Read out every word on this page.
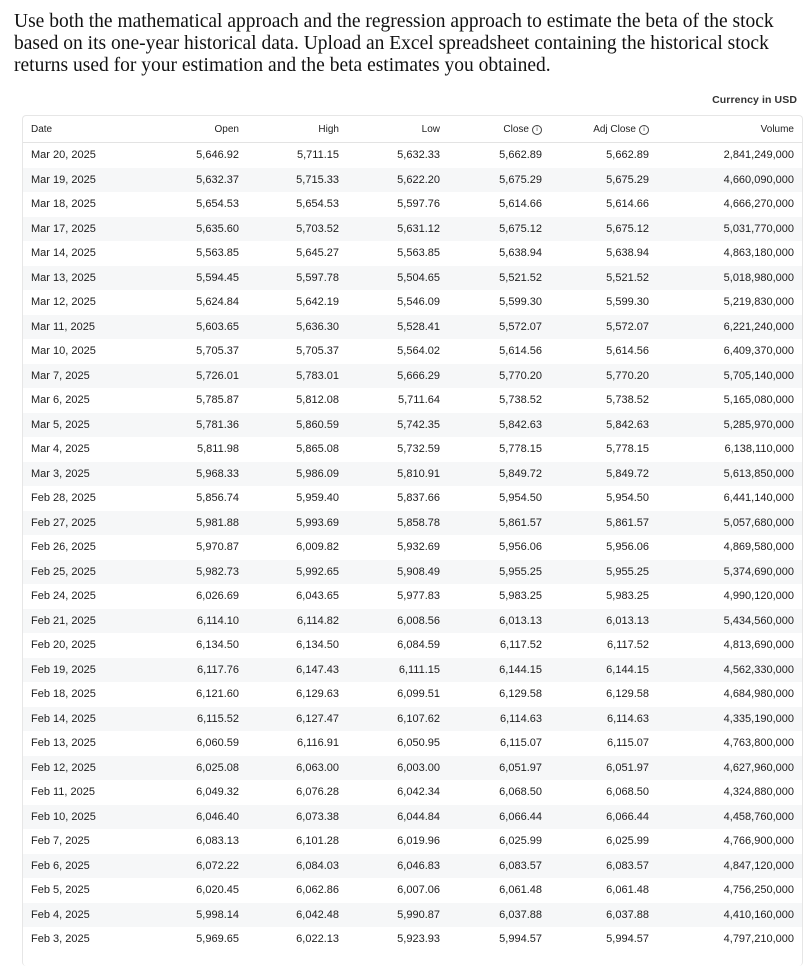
Use both the mathematical approach and the regression approach to estimate the beta of the stock based on its one-year historical data. Upload an Excel spreadsheet containing the historical stock returns used for your estimation and the beta estimates you obtained.

Currency in USD
Date	Open	High	Low	Close i	Adj Close i	Volume
Mar 20, 2025	5,646.92	5,711.15	5,632.33	5,662.89	5,662.89	2,841,249,000
Mar 19, 2025	5,632.37	5,715.33	5,622.20	5,675.29	5,675.29	4,660,090,000
Mar 18, 2025	5,654.53	5,654.53	5,597.76	5,614.66	5,614.66	4,666,270,000
Mar 17, 2025	5,635.60	5,703.52	5,631.12	5,675.12	5,675.12	5,031,770,000
Mar 14, 2025	5,563.85	5,645.27	5,563.85	5,638.94	5,638.94	4,863,180,000
Mar 13, 2025	5,594.45	5,597.78	5,504.65	5,521.52	5,521.52	5,018,980,000
Mar 12, 2025	5,624.84	5,642.19	5,546.09	5,599.30	5,599.30	5,219,830,000
Mar 11, 2025	5,603.65	5,636.30	5,528.41	5,572.07	5,572.07	6,221,240,000
Mar 10, 2025	5,705.37	5,705.37	5,564.02	5,614.56	5,614.56	6,409,370,000
Mar 7, 2025	5,726.01	5,783.01	5,666.29	5,770.20	5,770.20	5,705,140,000
Mar 6, 2025	5,785.87	5,812.08	5,711.64	5,738.52	5,738.52	5,165,080,000
Mar 5, 2025	5,781.36	5,860.59	5,742.35	5,842.63	5,842.63	5,285,970,000
Mar 4, 2025	5,811.98	5,865.08	5,732.59	5,778.15	5,778.15	6,138,110,000
Mar 3, 2025	5,968.33	5,986.09	5,810.91	5,849.72	5,849.72	5,613,850,000
Feb 28, 2025	5,856.74	5,959.40	5,837.66	5,954.50	5,954.50	6,441,140,000
Feb 27, 2025	5,981.88	5,993.69	5,858.78	5,861.57	5,861.57	5,057,680,000
Feb 26, 2025	5,970.87	6,009.82	5,932.69	5,956.06	5,956.06	4,869,580,000
Feb 25, 2025	5,982.73	5,992.65	5,908.49	5,955.25	5,955.25	5,374,690,000
Feb 24, 2025	6,026.69	6,043.65	5,977.83	5,983.25	5,983.25	4,990,120,000
Feb 21, 2025	6,114.10	6,114.82	6,008.56	6,013.13	6,013.13	5,434,560,000
Feb 20, 2025	6,134.50	6,134.50	6,084.59	6,117.52	6,117.52	4,813,690,000
Feb 19, 2025	6,117.76	6,147.43	6,111.15	6,144.15	6,144.15	4,562,330,000
Feb 18, 2025	6,121.60	6,129.63	6,099.51	6,129.58	6,129.58	4,684,980,000
Feb 14, 2025	6,115.52	6,127.47	6,107.62	6,114.63	6,114.63	4,335,190,000
Feb 13, 2025	6,060.59	6,116.91	6,050.95	6,115.07	6,115.07	4,763,800,000
Feb 12, 2025	6,025.08	6,063.00	6,003.00	6,051.97	6,051.97	4,627,960,000
Feb 11, 2025	6,049.32	6,076.28	6,042.34	6,068.50	6,068.50	4,324,880,000
Feb 10, 2025	6,046.40	6,073.38	6,044.84	6,066.44	6,066.44	4,458,760,000
Feb 7, 2025	6,083.13	6,101.28	6,019.96	6,025.99	6,025.99	4,766,900,000
Feb 6, 2025	6,072.22	6,084.03	6,046.83	6,083.57	6,083.57	4,847,120,000
Feb 5, 2025	6,020.45	6,062.86	6,007.06	6,061.48	6,061.48	4,756,250,000
Feb 4, 2025	5,998.14	6,042.48	5,990.87	6,037.88	6,037.88	4,410,160,000
Feb 3, 2025	5,969.65	6,022.13	5,923.93	5,994.57	5,994.57	4,797,210,000
